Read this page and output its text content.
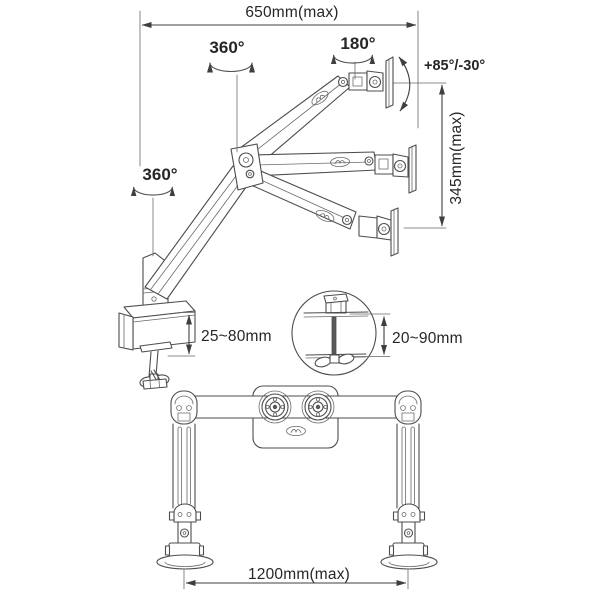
650mm(max)
360°	180°
+85°/-30°
345mm(max)
360°
25~80mm	20~90mm
1200mm(max)
